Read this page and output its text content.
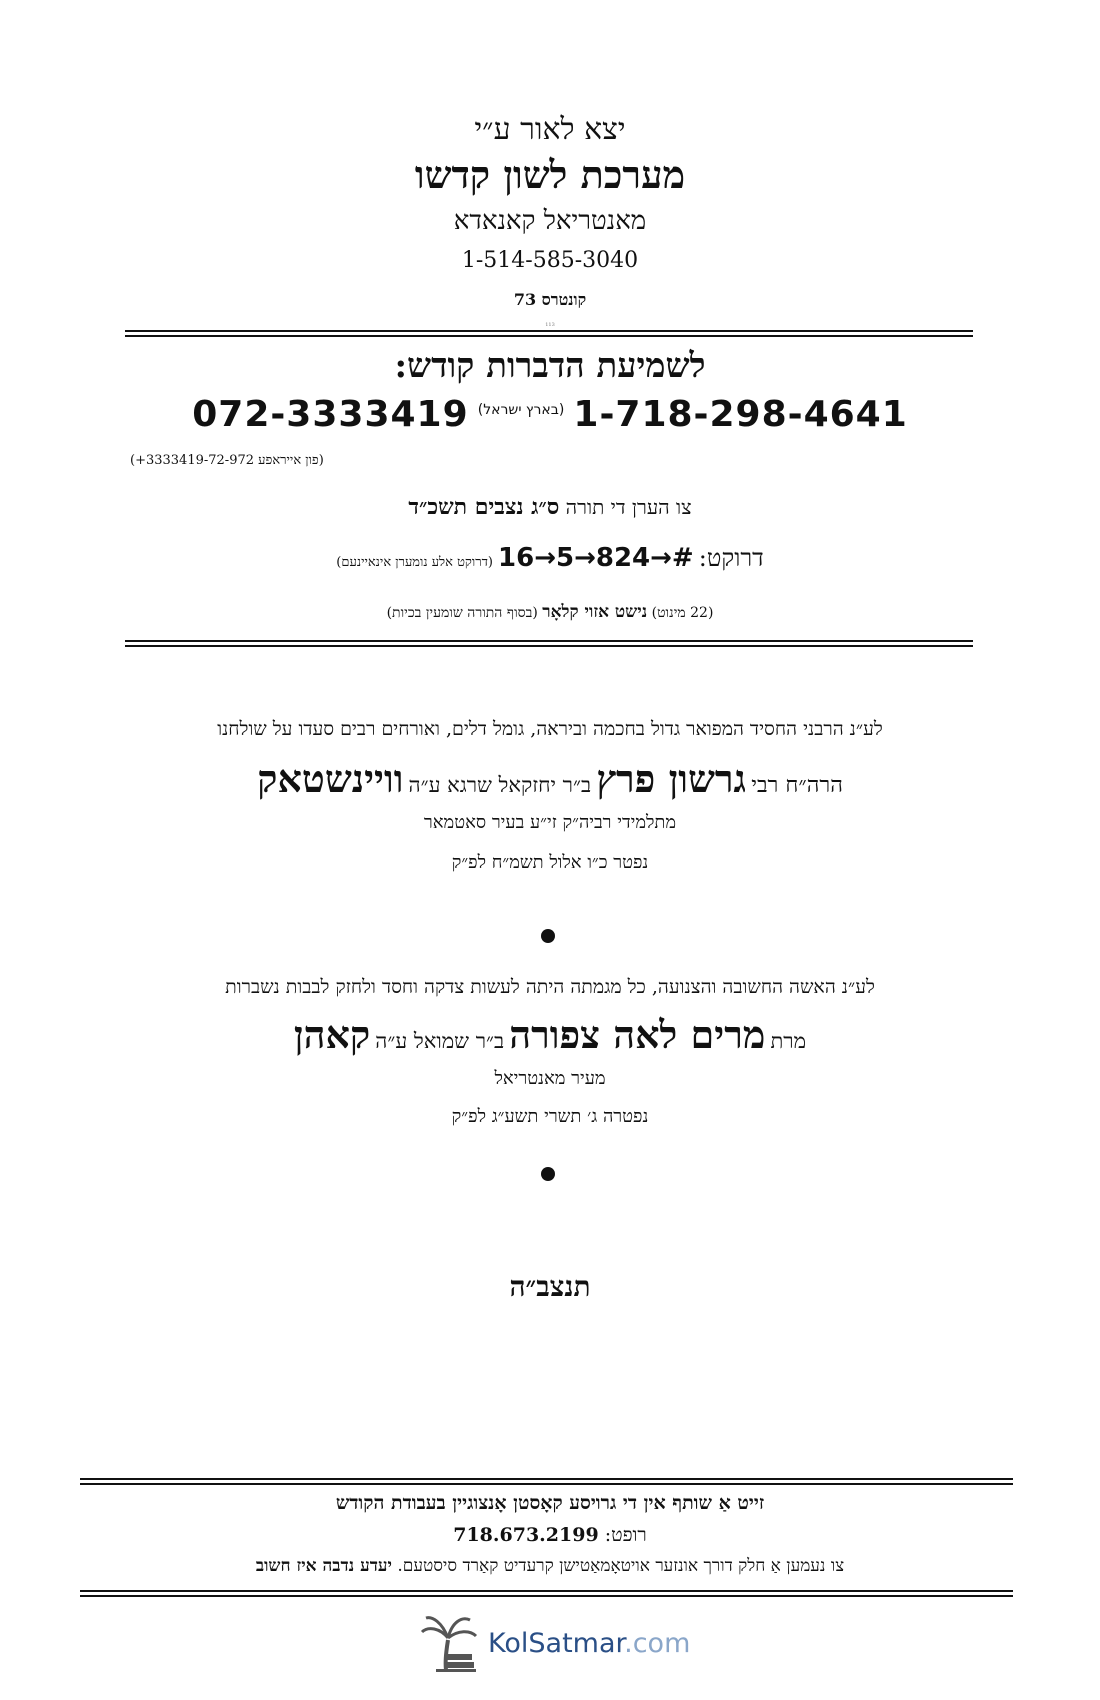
יצא לאור ע״י
מערכת לשון קדשו
מאנטריאל קאנאדא
1-514-585-3040
קונטרס 73
113
לשמיעת הדברות קודש:
072-3333419 (בארץ ישראל) 1-718-298-4641
(פון אייראפע 3333419-72-972+)
צו הערן די תורה ס״ג נצבים תשכ״ד
דרוקט: 16→5→824→# (דרוקט אלע נומערן אינאיינעם)
(22 מינוט) נישט אזוי קלאָר (בסוף התורה שומעין בכיות)
לע״נ הרבני החסיד המפואר גדול בחכמה וביראה, גומל דלים, ואורחים רבים סעדו על שולחנו
הרה״ח רבי גרשון פרץ ב״ר יחזקאל שרגא ע״ה וויינשטאק
מתלמידי רביה״ק זי״ע בעיר סאטמאר
נפטר כ״ו אלול תשמ״ח לפ״ק
לע״נ האשה החשובה והצנועה, כל מגמתה היתה לעשות צדקה וחסד ולחזק לבבות נשברות
מרת מרים לאה צפורה ב״ר שמואל ע״ה קאהן
מעיר מאנטריאל
נפטרה ג׳ תשרי תשע״ג לפ״ק
תנצב״ה
זייט אַ שותף אין די גרויסע קאָסטן אָנצוגיין בעבודת הקודש
רופט: 718.673.2199
צו נעמען אַ חלק דורך אונזער אויטאָמאַטישן קרעדיט קאַרד סיסטעם. יעדע נדבה איז חשוב
KolSatmar.com
